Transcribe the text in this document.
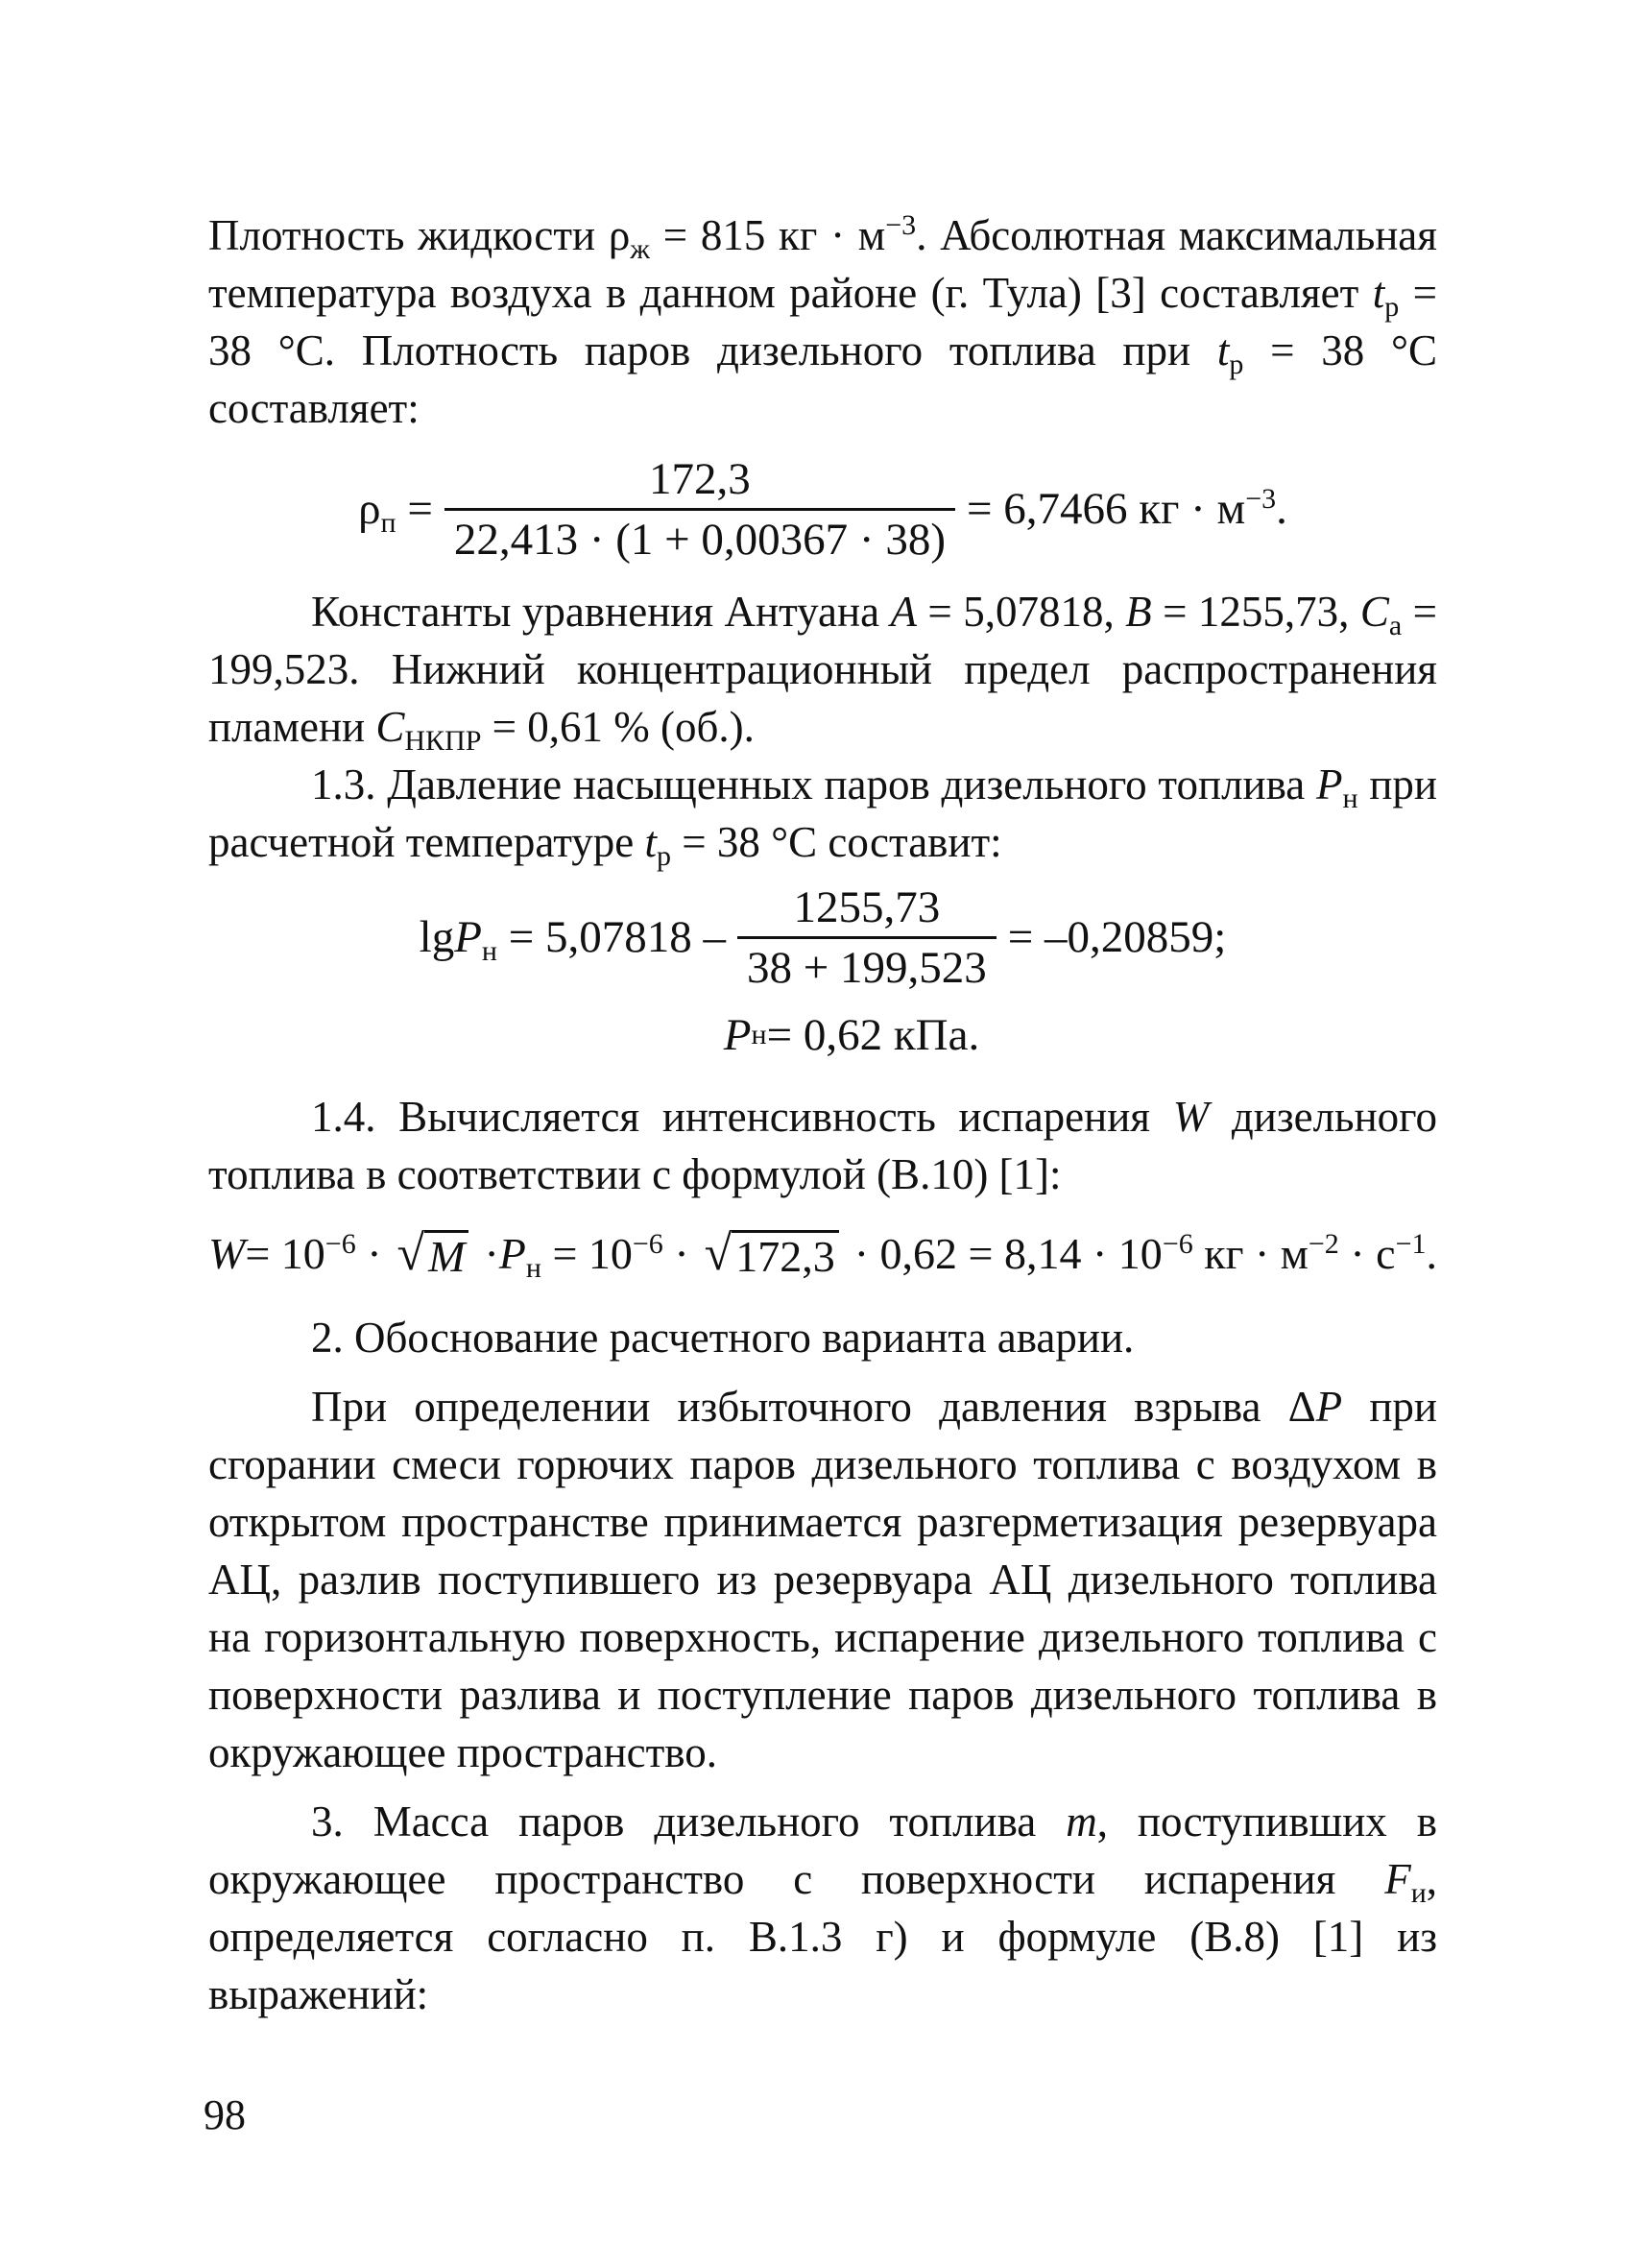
Плотность жидкости $\rho_ж = 815$ кг · $м^{-3}$. Абсолютная максимальная температура воздуха в данном районе (г. Тула) [3] составляет $t_р = 38$ °С. Плотность паров дизельного топлива при $t_р = 38$ °С составляет:

$\rho_п = \frac{172,3}{22,413 \cdot (1 + 0,00367 \cdot 38)} = 6,7466$ кг · $м^{-3}$.

Константы уравнения Антуана A = 5,07818, B = 1255,73, $C_а = 199,523$. Нижний концентрационный предел распространения пламени $C_{НКПР} = 0,61$ % (об.).

1.3. Давление насыщенных паров дизельного топлива $P_н$ при расчетной температуре $t_р = 38$ °С составит:

$\lg P_н = 5,07818 - \frac{1255,73}{38 + 199,523} = -0,20859$;
P н = 0,62 кПа.

1.4. Вычисляется интенсивность испарения W дизельного топлива в соответствии с формулой (В.10) [1]:

$W= 10^{-6}$ · √ $M \cdot P_н = 10^{-6}$ · √ $172,3 \cdot 0,62 = 8,14 \cdot 10^{-6}$ кг · $м^{-2} \cdot с^{-1}$.

2. Обоснование расчетного варианта аварии.

При определении избыточного давления взрыва ΔP при сгорании смеси горючих паров дизельного топлива с воздухом в открытом пространстве принимается разгерметизация резервуара АЦ, разлив поступившего из резервуара АЦ дизельного топлива на горизонтальную поверхность, испарение дизельного топлива с поверхности разлива и поступление паров дизельного топлива в окружающее пространство.

3. Масса паров дизельного топлива m, поступивших в окружающее пространство с поверхности испарения $F_и$, определяется согласно п. В.1.3 г) и формуле (В.8) [1] из выражений:

98
